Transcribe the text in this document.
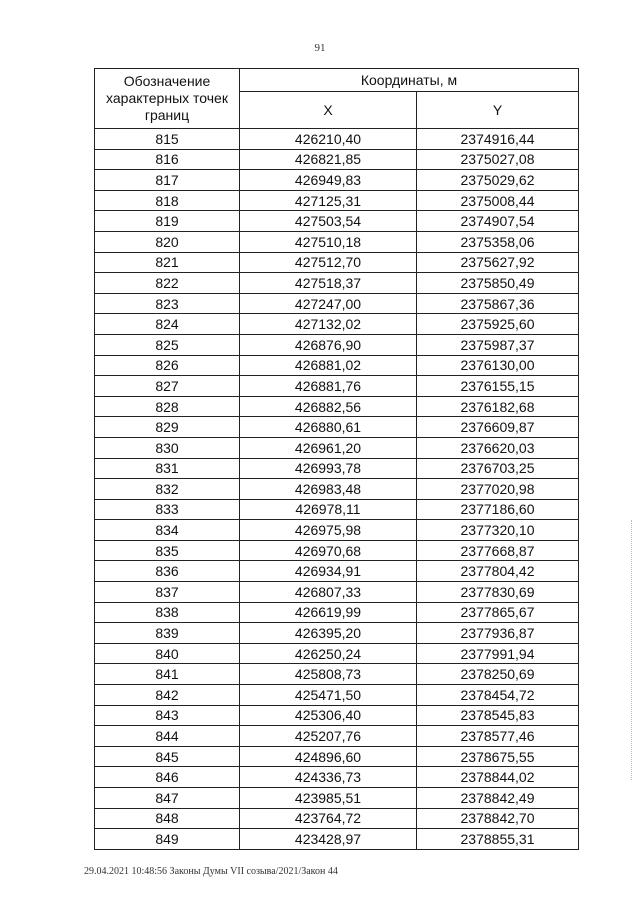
91
Обозначение характерных точек границ	Координаты, м	
	X	Y
815	426210,40	2374916,44
816	426821,85	2375027,08
817	426949,83	2375029,62
818	427125,31	2375008,44
819	427503,54	2374907,54
820	427510,18	2375358,06
821	427512,70	2375627,92
822	427518,37	2375850,49
823	427247,00	2375867,36
824	427132,02	2375925,60
825	426876,90	2375987,37
826	426881,02	2376130,00
827	426881,76	2376155,15
828	426882,56	2376182,68
829	426880,61	2376609,87
830	426961,20	2376620,03
831	426993,78	2376703,25
832	426983,48	2377020,98
833	426978,11	2377186,60
834	426975,98	2377320,10
835	426970,68	2377668,87
836	426934,91	2377804,42
837	426807,33	2377830,69
838	426619,99	2377865,67
839	426395,20	2377936,87
840	426250,24	2377991,94
841	425808,73	2378250,69
842	425471,50	2378454,72
843	425306,40	2378545,83
844	425207,76	2378577,46
845	424896,60	2378675,55
846	424336,73	2378844,02
847	423985,51	2378842,49
848	423764,72	2378842,70
849	423428,97	2378855,31
29.04.2021 10:48:56 Законы Думы VII созыва/2021/Закон 44
